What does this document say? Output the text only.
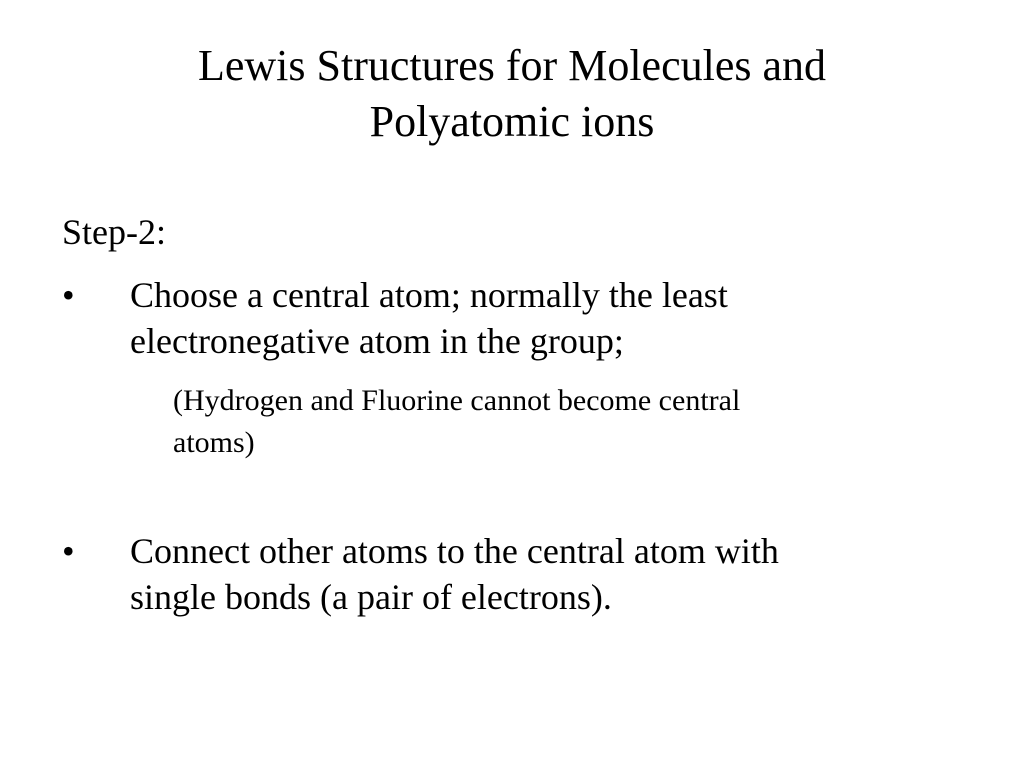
Lewis Structures for Molecules and
Polyatomic ions
Step-2:
• Choose a central atom; normally the least
electronegative atom in the group;
(Hydrogen and Fluorine cannot become central
atoms)
• Connect other atoms to the central atom with
single bonds (a pair of electrons).
